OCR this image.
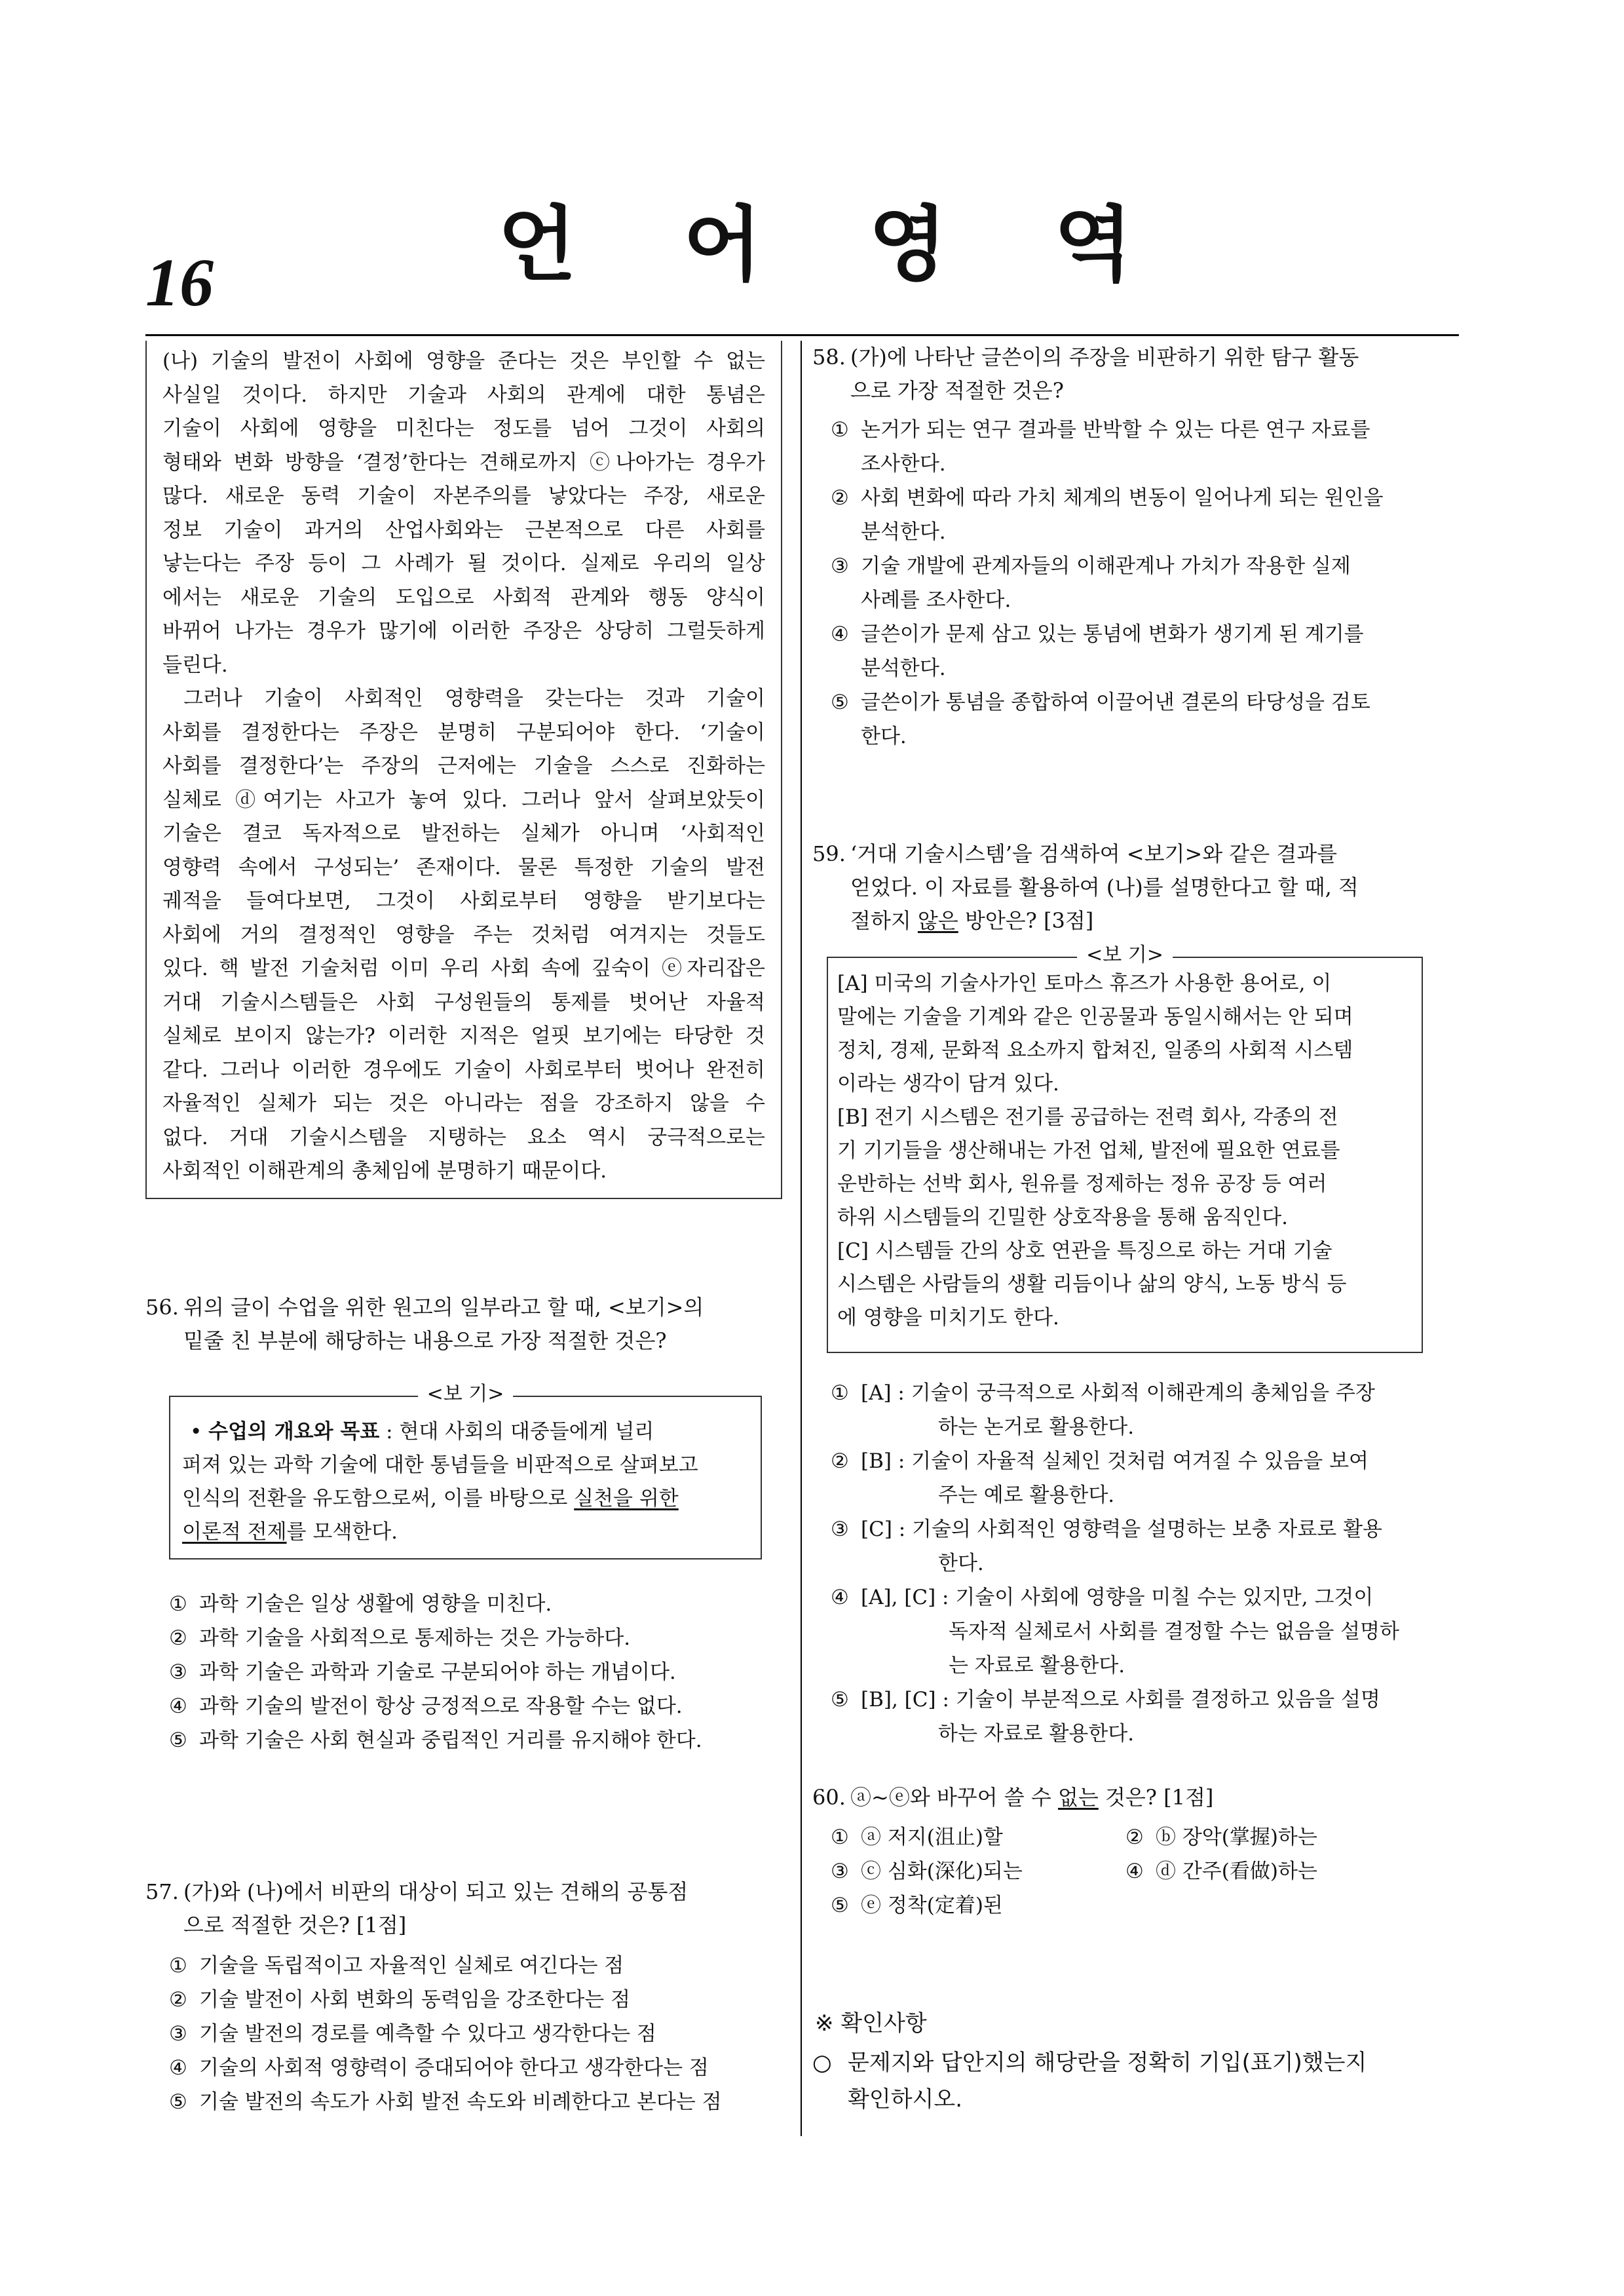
16	언 어 영 역

(나) 기술의 발전이 사회에 영향을 준다는 것은 부인할 수 없는

사실일 것이다. 하지만 기술과 사회의 관계에 대한 통념은

기술이 사회에 영향을 미친다는 정도를 넘어 그것이 사회의

형태와 변화 방향을 ‘결정’한다는 견해로까지 ⓒ나아가는 경우가

많다. 새로운 동력 기술이 자본주의를 낳았다는 주장, 새로운

정보 기술이 과거의 산업사회와는 근본적으로 다른 사회를

낳는다는 주장 등이 그 사례가 될 것이다. 실제로 우리의 일상

에서는 새로운 기술의 도입으로 사회적 관계와 행동 양식이

바뀌어 나가는 경우가 많기에 이러한 주장은 상당히 그럴듯하게

들린다.

그러나 기술이 사회적인 영향력을 갖는다는 것과 기술이

사회를 결정한다는 주장은 분명히 구분되어야 한다. ‘기술이

사회를 결정한다’는 주장의 근저에는 기술을 스스로 진화하는

실체로 ⓓ여기는 사고가 놓여 있다. 그러나 앞서 살펴보았듯이

기술은 결코 독자적으로 발전하는 실체가 아니며 ‘사회적인

영향력 속에서 구성되는’ 존재이다. 물론 특정한 기술의 발전

궤적을 들여다보면, 그것이 사회로부터 영향을 받기보다는

사회에 거의 결정적인 영향을 주는 것처럼 여겨지는 것들도

있다. 핵 발전 기술처럼 이미 우리 사회 속에 깊숙이 ⓔ자리잡은

거대 기술시스템들은 사회 구성원들의 통제를 벗어난 자율적

실체로 보이지 않는가? 이러한 지적은 얼핏 보기에는 타당한 것

같다. 그러나 이러한 경우에도 기술이 사회로부터 벗어나 완전히

자율적인 실체가 되는 것은 아니라는 점을 강조하지 않을 수

없다. 거대 기술시스템을 지탱하는 요소 역시 궁극적으로는

사회적인 이해관계의 총체임에 분명하기 때문이다.

56. 위의 글이 수업을 위한 원고의 일부라고 할 때, <보기>의
밑줄 친 부분에 해당하는 내용으로 가장 적절한 것은?
<보 기>

• 수업의 개요와 목표 : 현대 사회의 대중들에게 널리

퍼져 있는 과학 기술에 대한 통념들을 비판적으로 살펴보고

인식의 전환을 유도함으로써, 이를 바탕으로 실천을 위한

이론적 전제를 모색한다.

① 과학 기술은 일상 생활에 영향을 미친다.
② 과학 기술을 사회적으로 통제하는 것은 가능하다.
③ 과학 기술은 과학과 기술로 구분되어야 하는 개념이다.
④ 과학 기술의 발전이 항상 긍정적으로 작용할 수는 없다.
⑤ 과학 기술은 사회 현실과 중립적인 거리를 유지해야 한다.
57. (가)와 (나)에서 비판의 대상이 되고 있는 견해의 공통점
으로 적절한 것은? [1점]
① 기술을 독립적이고 자율적인 실체로 여긴다는 점
② 기술 발전이 사회 변화의 동력임을 강조한다는 점
③ 기술 발전의 경로를 예측할 수 있다고 생각한다는 점
④ 기술의 사회적 영향력이 증대되어야 한다고 생각한다는 점
⑤ 기술 발전의 속도가 사회 발전 속도와 비례한다고 본다는 점
58. (가)에 나타난 글쓴이의 주장을 비판하기 위한 탐구 활동
으로 가장 적절한 것은?
① 논거가 되는 연구 결과를 반박할 수 있는 다른 연구 자료를
조사한다.
② 사회 변화에 따라 가치 체계의 변동이 일어나게 되는 원인을
분석한다.
③ 기술 개발에 관계자들의 이해관계나 가치가 작용한 실제
사례를 조사한다.
④ 글쓴이가 문제 삼고 있는 통념에 변화가 생기게 된 계기를
분석한다.
⑤ 글쓴이가 통념을 종합하여 이끌어낸 결론의 타당성을 검토
한다.
59. ‘거대 기술시스템’을 검색하여 <보기>와 같은 결과를
얻었다. 이 자료를 활용하여 (나)를 설명한다고 할 때, 적
절하지 않은 방안은? [3점]
<보 기>

[A] 미국의 기술사가인 토마스 휴즈가 사용한 용어로, 이

말에는 기술을 기계와 같은 인공물과 동일시해서는 안 되며

정치, 경제, 문화적 요소까지 합쳐진, 일종의 사회적 시스템

이라는 생각이 담겨 있다.

[B] 전기 시스템은 전기를 공급하는 전력 회사, 각종의 전

기 기기들을 생산해내는 가전 업체, 발전에 필요한 연료를

운반하는 선박 회사, 원유를 정제하는 정유 공장 등 여러

하위 시스템들의 긴밀한 상호작용을 통해 움직인다.

[C] 시스템들 간의 상호 연관을 특징으로 하는 거대 기술

시스템은 사람들의 생활 리듬이나 삶의 양식, 노동 방식 등

에 영향을 미치기도 한다.

① [A] : 기술이 궁극적으로 사회적 이해관계의 총체임을 주장
하는 논거로 활용한다.
② [B] : 기술이 자율적 실체인 것처럼 여겨질 수 있음을 보여
주는 예로 활용한다.
③ [C] : 기술의 사회적인 영향력을 설명하는 보충 자료로 활용
한다.
④ [A], [C] : 기술이 사회에 영향을 미칠 수는 있지만, 그것이
독자적 실체로서 사회를 결정할 수는 없음을 설명하
는 자료로 활용한다.
⑤ [B], [C] : 기술이 부분적으로 사회를 결정하고 있음을 설명
하는 자료로 활용한다.
60. ⓐ~ⓔ와 바꾸어 쓸 수 없는 것은? [1점]
① ⓐ 저지(沮止)할	② ⓑ 장악(掌握)하는
③ ⓒ 심화(深化)되는	④ ⓓ 간주(看做)하는
⑤ ⓔ 정착(定着)된
※ 확인사항
○ 문제지와 답안지의 해당란을 정확히 기입(표기)했는지
확인하시오.
